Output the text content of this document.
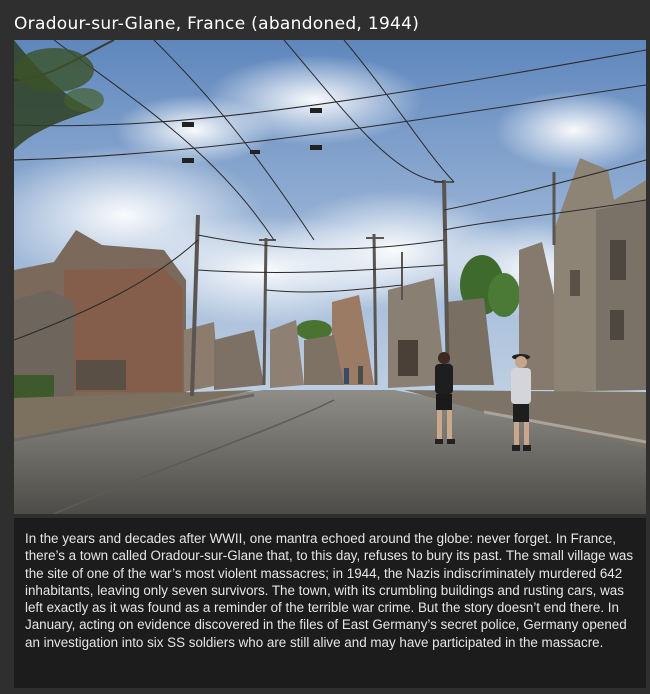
Oradour-sur-Glane, France (abandoned, 1944)

In the years and decades after WWII, one mantra echoed around the globe: never forget. In France, there’s a town called Oradour-sur-Glane that, to this day, refuses to bury its past. The small village was the site of one of the war’s most violent massacres; in 1944, the Nazis indiscriminately murdered 642 inhabitants, leaving only seven survivors. The town, with its crumbling buildings and rusting cars, was left exactly as it was found as a reminder of the terrible war crime. But the story doesn’t end there. In January, acting on evidence discovered in the files of East Germany’s secret police, Germany opened an investigation into six SS soldiers who are still alive and may have participated in the massacre.
